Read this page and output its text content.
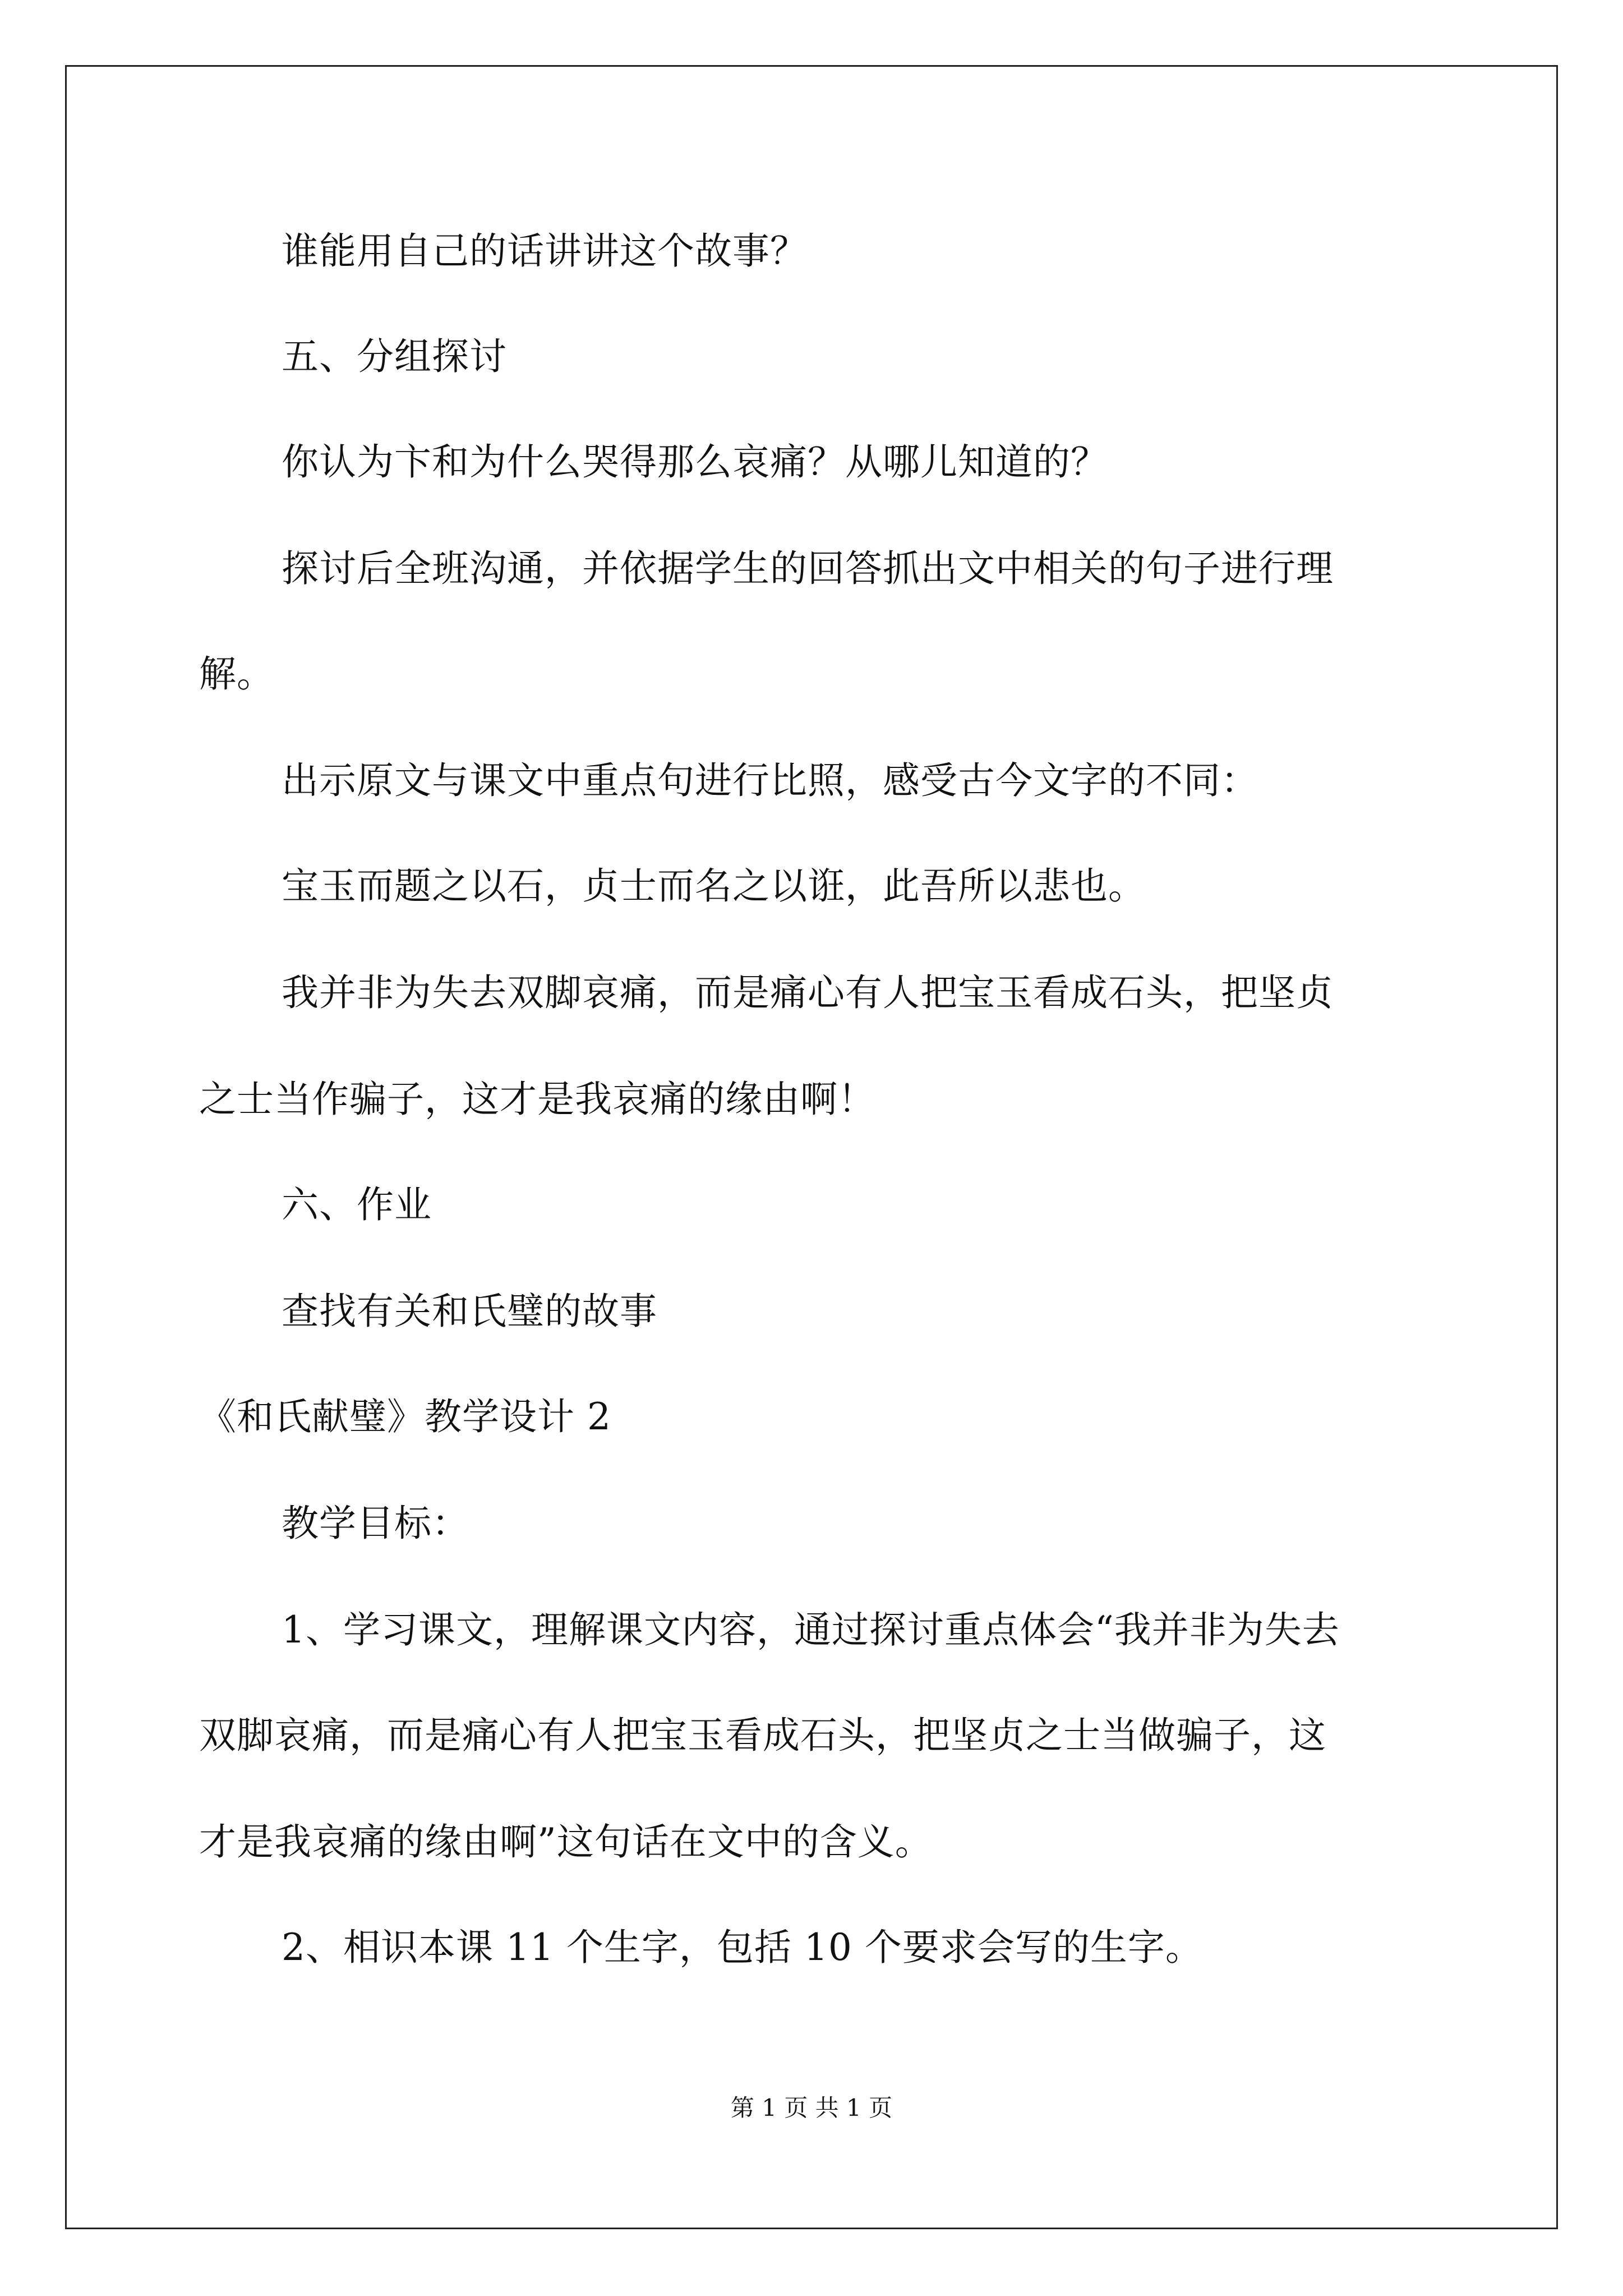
谁能用自己的话讲讲这个故事？
五、分组探讨
你认为卞和为什么哭得那么哀痛？从哪儿知道的？
探讨后全班沟通，并依据学生的回答抓出文中相关的句子进行理
解。
出示原文与课文中重点句进行比照，感受古今文字的不同：
宝玉而题之以石，贞士而名之以诳，此吾所以悲也。
我并非为失去双脚哀痛，而是痛心有人把宝玉看成石头，把坚贞
之士当作骗子，这才是我哀痛的缘由啊！
六、作业
查找有关和氏璧的故事
《和氏献璧》教学设计 2
教学目标：
1、学习课文，理解课文内容，通过探讨重点体会“我并非为失去
双脚哀痛，而是痛心有人把宝玉看成石头，把坚贞之士当做骗子，这
才是我哀痛的缘由啊”这句话在文中的含义。
2、相识本课 11 个生字，包括 10 个要求会写的生字。
第 1 页 共 1 页
